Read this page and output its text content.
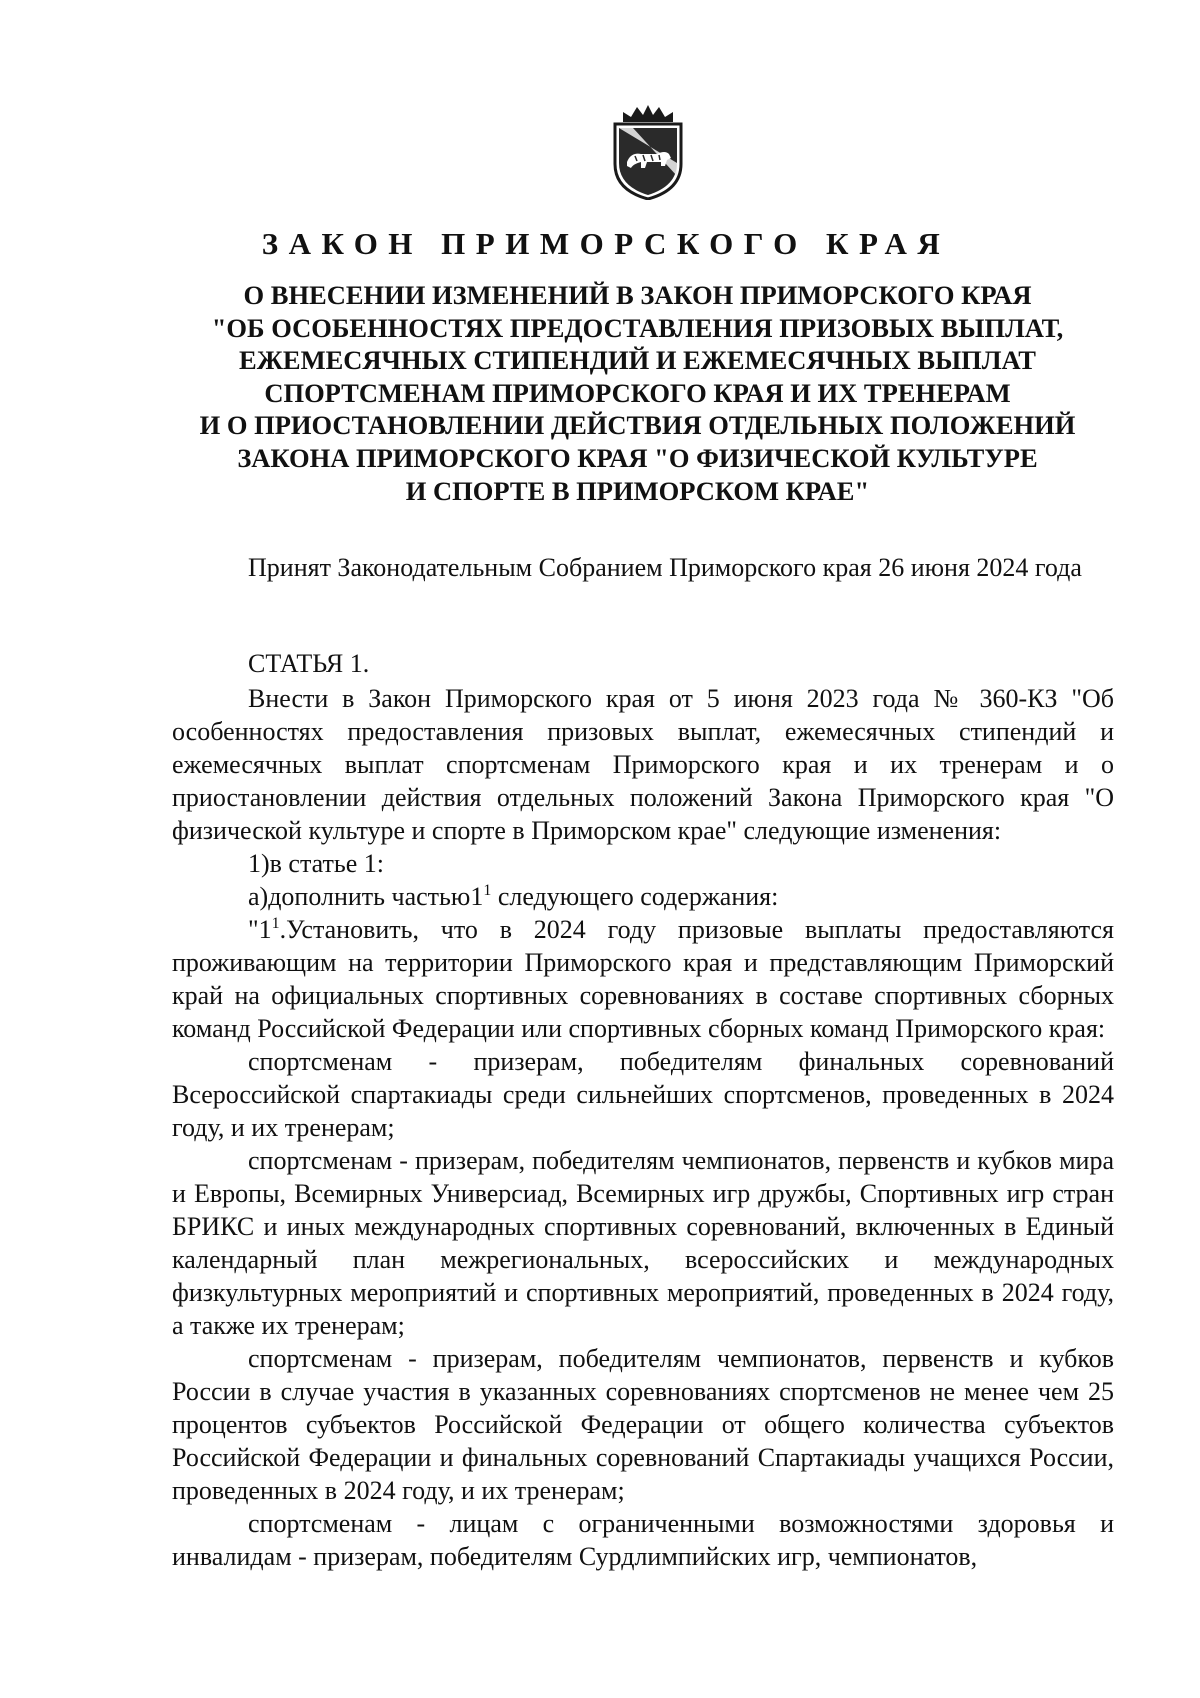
ЗАКОН ПРИМОРСКОГО КРАЯ
О ВНЕСЕНИИ ИЗМЕНЕНИЙ В ЗАКОН ПРИМОРСКОГО КРАЯ
"ОБ ОСОБЕННОСТЯХ ПРЕДОСТАВЛЕНИЯ ПРИЗОВЫХ ВЫПЛАТ,
ЕЖЕМЕСЯЧНЫХ СТИПЕНДИЙ И ЕЖЕМЕСЯЧНЫХ ВЫПЛАТ
СПОРТСМЕНАМ ПРИМОРСКОГО КРАЯ И ИХ ТРЕНЕРАМ
И О ПРИОСТАНОВЛЕНИИ ДЕЙСТВИЯ ОТДЕЛЬНЫХ ПОЛОЖЕНИЙ
ЗАКОНА ПРИМОРСКОГО КРАЯ "О ФИЗИЧЕСКОЙ КУЛЬТУРЕ
И СПОРТЕ В ПРИМОРСКОМ КРАЕ"

Принят Законодательным Собранием Приморского края 26 июня 2024 года

СТАТЬЯ 1.

Внести в Закон Приморского края от 5 июня 2023 года № 360-КЗ "Об особенностях предоставления призовых выплат, ежемесячных стипендий и ежемесячных выплат спортсменам Приморского края и их тренерам и о приостановлении действия отдельных положений Закона Приморского края "О физической культуре и спорте в Приморском крае" следующие изменения:

1)в статье 1:
а)дополнить $частью1^1$ следующего содержания:

"$1^1.Установить$, что в 2024 году призовые выплаты предоставляются проживающим на территории Приморского края и представляющим Приморский край на официальных спортивных соревнованиях в составе спортивных сборных команд Российской Федерации или спортивных сборных команд Приморского края:

спортсменам - призерам, победителям финальных соревнований Всероссийской спартакиады среди сильнейших спортсменов, проведенных в 2024 году, и их тренерам;

спортсменам - призерам, победителям чемпионатов, первенств и кубков мира и Европы, Всемирных Универсиад, Всемирных игр дружбы, Спортивных игр стран БРИКС и иных международных спортивных соревнований, включенных в Единый календарный план межрегиональных, всероссийских и международных физкультурных мероприятий и спортивных мероприятий, проведенных в 2024 году, а также их тренерам;

спортсменам - призерам, победителям чемпионатов, первенств и кубков России в случае участия в указанных соревнованиях спортсменов не менее чем 25 процентов субъектов Российской Федерации от общего количества субъектов Российской Федерации и финальных соревнований Спартакиады учащихся России, проведенных в 2024 году, и их тренерам;

спортсменам - лицам с ограниченными возможностями здоровья и инвалидам - призерам, победителям Сурдлимпийских игр, чемпионатов,
